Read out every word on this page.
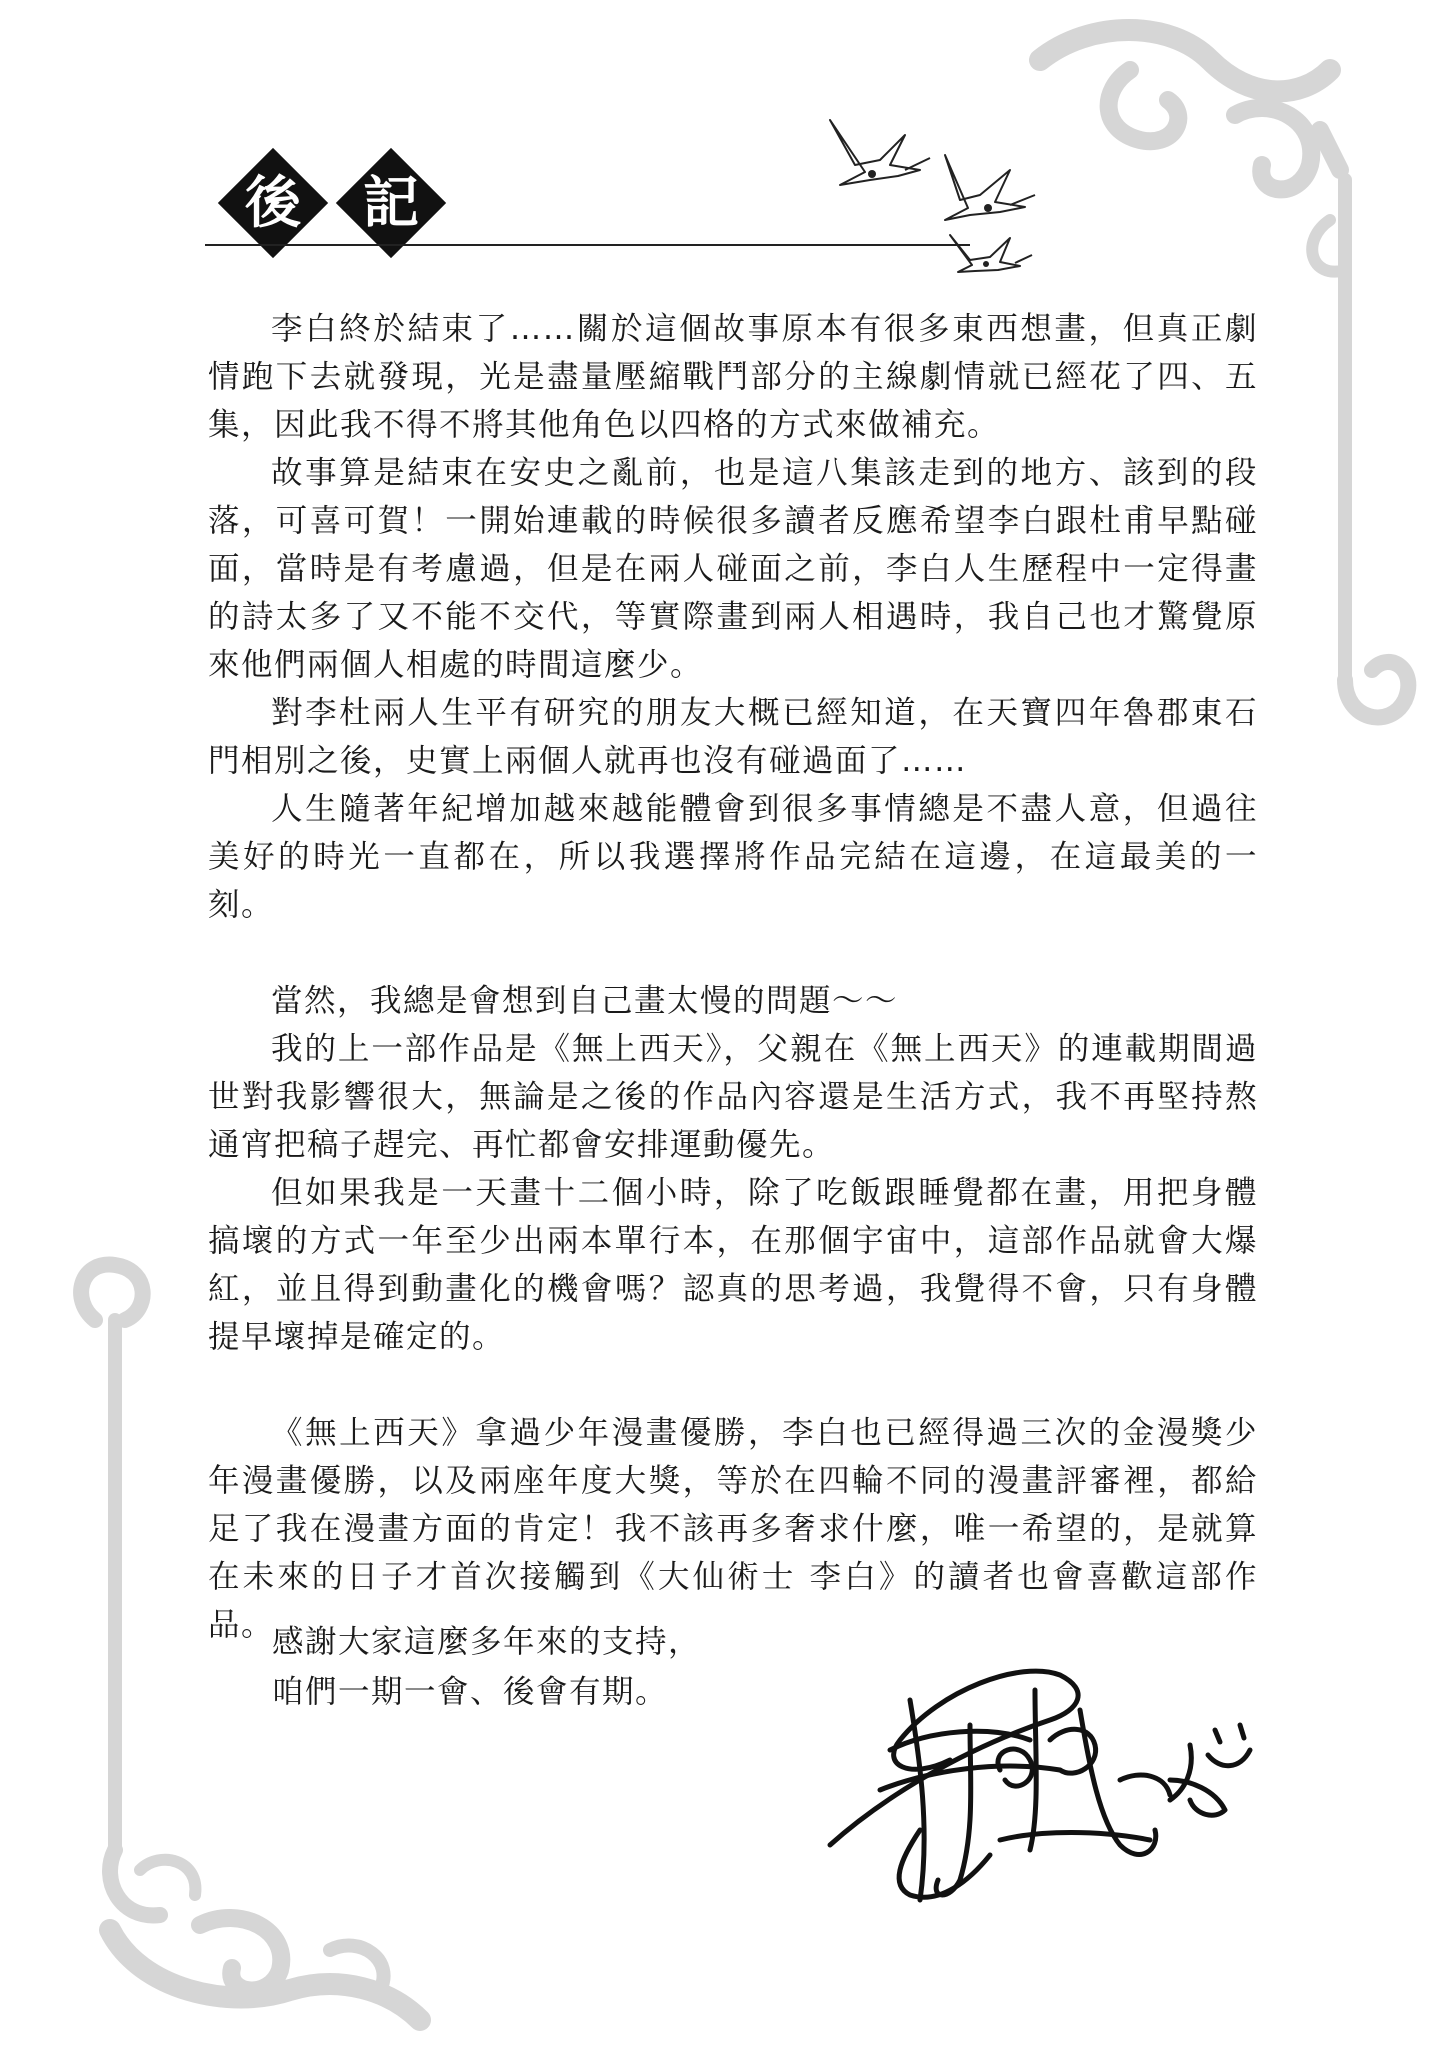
後	記

李白終於結束了……關於這個故事原本有很多東西想畫，但真正劇情跑下去就發現，光是盡量壓縮戰鬥部分的主線劇情就已經花了四、五集，因此我不得不將其他角色以四格的方式來做補充。

故事算是結束在安史之亂前，也是這八集該走到的地方、該到的段落，可喜可賀！一開始連載的時候很多讀者反應希望李白跟杜甫早點碰面，當時是有考慮過，但是在兩人碰面之前，李白人生歷程中一定得畫的詩太多了又不能不交代，等實際畫到兩人相遇時，我自己也才驚覺原來他們兩個人相處的時間這麼少。

對李杜兩人生平有研究的朋友大概已經知道，在天寶四年魯郡東石門相別之後，史實上兩個人就再也沒有碰過面了……

人生隨著年紀增加越來越能體會到很多事情總是不盡人意，但過往美好的時光一直都在，所以我選擇將作品完結在這邊，在這最美的一刻。

當然，我總是會想到自己畫太慢的問題～～

我的上一部作品是《無上西天》，父親在《無上西天》的連載期間過世對我影響很大，無論是之後的作品內容還是生活方式，我不再堅持熬通宵把稿子趕完、再忙都會安排運動優先。

但如果我是一天畫十二個小時，除了吃飯跟睡覺都在畫，用把身體搞壞的方式一年至少出兩本單行本，在那個宇宙中，這部作品就會大爆紅，並且得到動畫化的機會嗎？認真的思考過，我覺得不會，只有身體提早壞掉是確定的。

《無上西天》拿過少年漫畫優勝，李白也已經得過三次的金漫獎少年漫畫優勝，以及兩座年度大獎，等於在四輪不同的漫畫評審裡，都給足了我在漫畫方面的肯定！我不該再多奢求什麼，唯一希望的，是就算在未來的日子才首次接觸到《大仙術士 李白》的讀者也會喜歡這部作品。

感謝大家這麼多年來的支持，
咱們一期一會、後會有期。
